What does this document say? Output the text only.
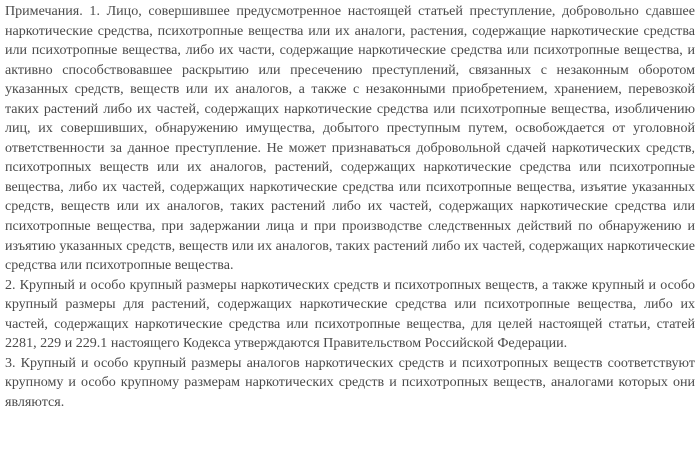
Примечания. 1. Лицо, совершившее предусмотренное настоящей статьей преступление, добровольно сдавшее наркотические средства, психотропные вещества или их аналоги, растения, содержащие наркотические средства или психотропные вещества, либо их части, содержащие наркотические средства или психотропные вещества, и активно способствовавшее раскрытию или пресечению преступлений, связанных с незаконным оборотом указанных средств, веществ или их аналогов, а также с незаконными приобретением, хранением, перевозкой таких растений либо их частей, содержащих наркотические средства или психотропные вещества, изобличению лиц, их совершивших, обнаружению имущества, добытого преступным путем, освобождается от уголовной ответственности за данное преступление. Не может признаваться добровольной сдачей наркотических средств, психотропных веществ или их аналогов, растений, содержащих наркотические средства или психотропные вещества, либо их частей, содержащих наркотические средства или психотропные вещества, изъятие указанных средств, веществ или их аналогов, таких растений либо их частей, содержащих наркотические средства или психотропные вещества, при задержании лица и при производстве следственных действий по обнаружению и изъятию указанных средств, веществ или их аналогов, таких растений либо их частей, содержащих наркотические средства или психотропные вещества.

2. Крупный и особо крупный размеры наркотических средств и психотропных веществ, а также крупный и особо крупный размеры для растений, содержащих наркотические средства или психотропные вещества, либо их частей, содержащих наркотические средства или психотропные вещества, для целей настоящей статьи, статей 2281, 229 и 229.1 настоящего Кодекса утверждаются Правительством Российской Федерации.

3. Крупный и особо крупный размеры аналогов наркотических средств и психотропных веществ соответствуют крупному и особо крупному размерам наркотических средств и психотропных веществ, аналогами которых они являются.
